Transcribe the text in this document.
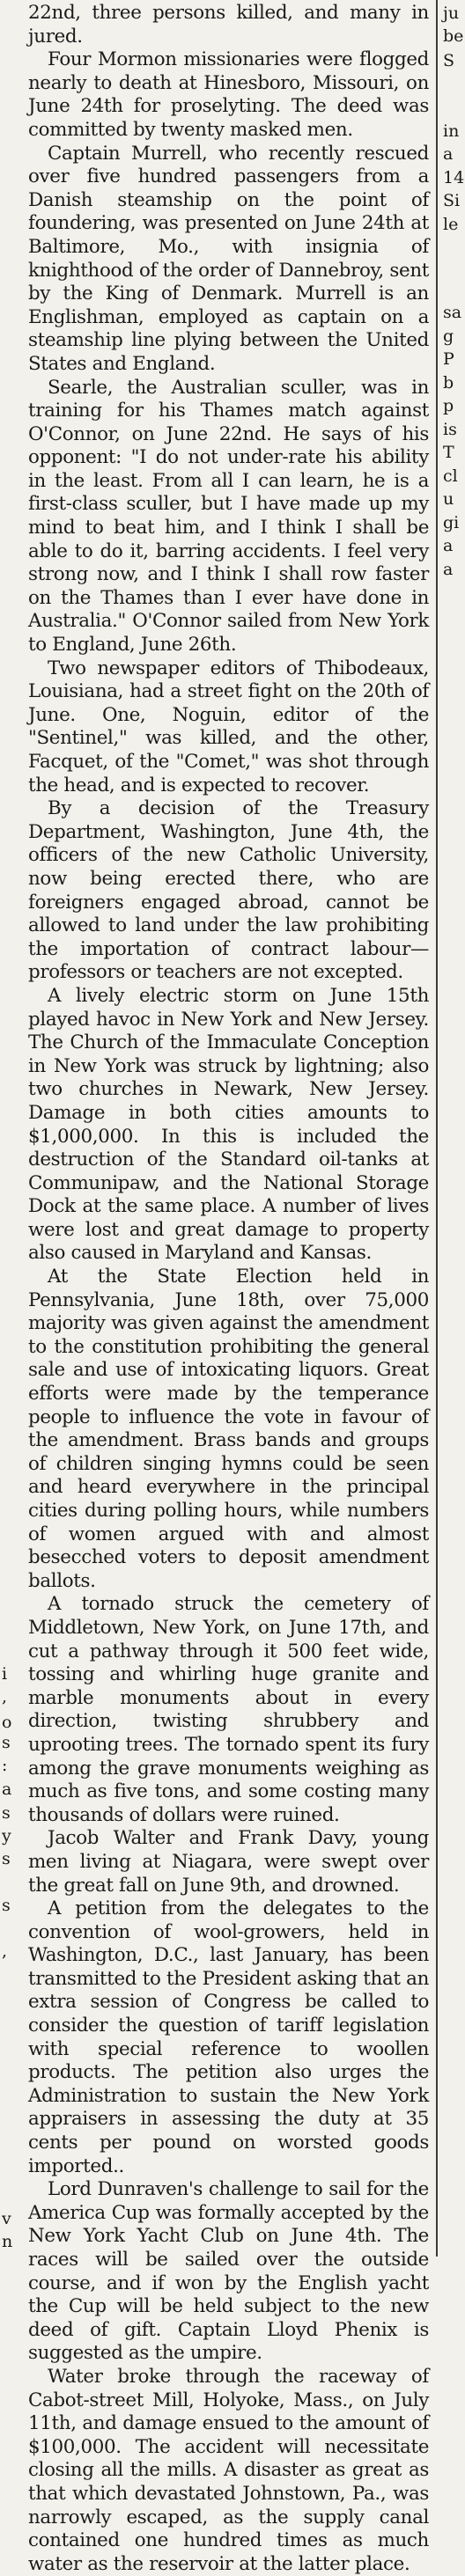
i
,
o
s
:
a
s
y
s
s
,
v
n

22nd, three persons killed, and many in jured.

Four Mormon missionaries were flogged nearly to death at Hinesboro, Missouri, on June 24th for proselyting. The deed was committed by twenty masked men.

Captain Murrell, who recently rescued over five hundred passengers from a Danish steamship on the point of foundering, was presented on June 24th at Baltimore, Mo., with insignia of knighthood of the order of Dannebroy, sent by the King of Denmark. Murrell is an Englishman, employed as captain on a steamship line plying between the United States and England.

Searle, the Australian sculler, was in training for his Thames match against O'Connor, on June 22nd. He says of his opponent: "I do not under-rate his ability in the least. From all I can learn, he is a first-class sculler, but I have made up my mind to beat him, and I think I shall be able to do it, barring accidents. I feel very strong now, and I think I shall row faster on the Thames than I ever have done in Australia." O'Connor sailed from New York to England, June 26th.

Two newspaper editors of Thibodeaux, Louisiana, had a street fight on the 20th of June. One, Noguin, editor of the "Sentinel," was killed, and the other, Facquet, of the "Comet," was shot through the head, and is expected to recover.

By a decision of the Treasury Department, Washington, June 4th, the officers of the new Catholic University, now being erected there, who are foreigners engaged abroad, cannot be allowed to land under the law prohibiting the importation of contract labour—professors or teachers are not excepted.

A lively electric storm on June 15th played havoc in New York and New Jersey. The Church of the Immaculate Conception in New York was struck by lightning; also two churches in Newark, New Jersey. Damage in both cities amounts to $1,000,000. In this is included the destruction of the Standard oil-tanks at Communipaw, and the National Storage Dock at the same place. A number of lives were lost and great damage to property also caused in Maryland and Kansas.

At the State Election held in Pennsylvania, June 18th, over 75,000 majority was given against the amendment to the constitution prohibiting the general sale and use of intoxicating liquors. Great efforts were made by the temperance people to influence the vote in favour of the amendment. Brass bands and groups of children singing hymns could be seen and heard everywhere in the principal cities during polling hours, while numbers of women argued with and almost besecched voters to deposit amendment ballots.

A tornado struck the cemetery of Middletown, New York, on June 17th, and cut a pathway through it 500 feet wide, tossing and whirling huge granite and marble monuments about in every direction, twisting shrubbery and uprooting trees. The tornado spent its fury among the grave monuments weighing as much as five tons, and some costing many thousands of dollars were ruined.

Jacob Walter and Frank Davy, young men living at Niagara, were swept over the great fall on June 9th, and drowned.

A petition from the delegates to the convention of wool-growers, held in Washington, D.C., last January, has been transmitted to the President asking that an extra session of Congress be called to consider the question of tariff legislation with special reference to woollen products. The petition also urges the Administration to sustain the New York appraisers in assessing the duty at 35 cents per pound on worsted goods imported..

Lord Dunraven's challenge to sail for the America Cup was formally accepted by the New York Yacht Club on June 4th. The races will be sailed over the outside course, and if won by the English yacht the Cup will be held subject to the new deed of gift. Captain Lloyd Phenix is suggested as the umpire.

Water broke through the raceway of Cabot-street Mill, Holyoke, Mass., on July 11th, and damage ensued to the amount of $100,000. The accident will necessitate closing all the mills. A disaster as great as that which devastated Johnstown, Pa., was narrowly escaped, as the supply canal contained one hundred times as much water as the reservoir at the latter place.

ju
be
S
in
a
14
Si
le
sa
g
P
b
p
is
T
cl
u
gi
a
a
